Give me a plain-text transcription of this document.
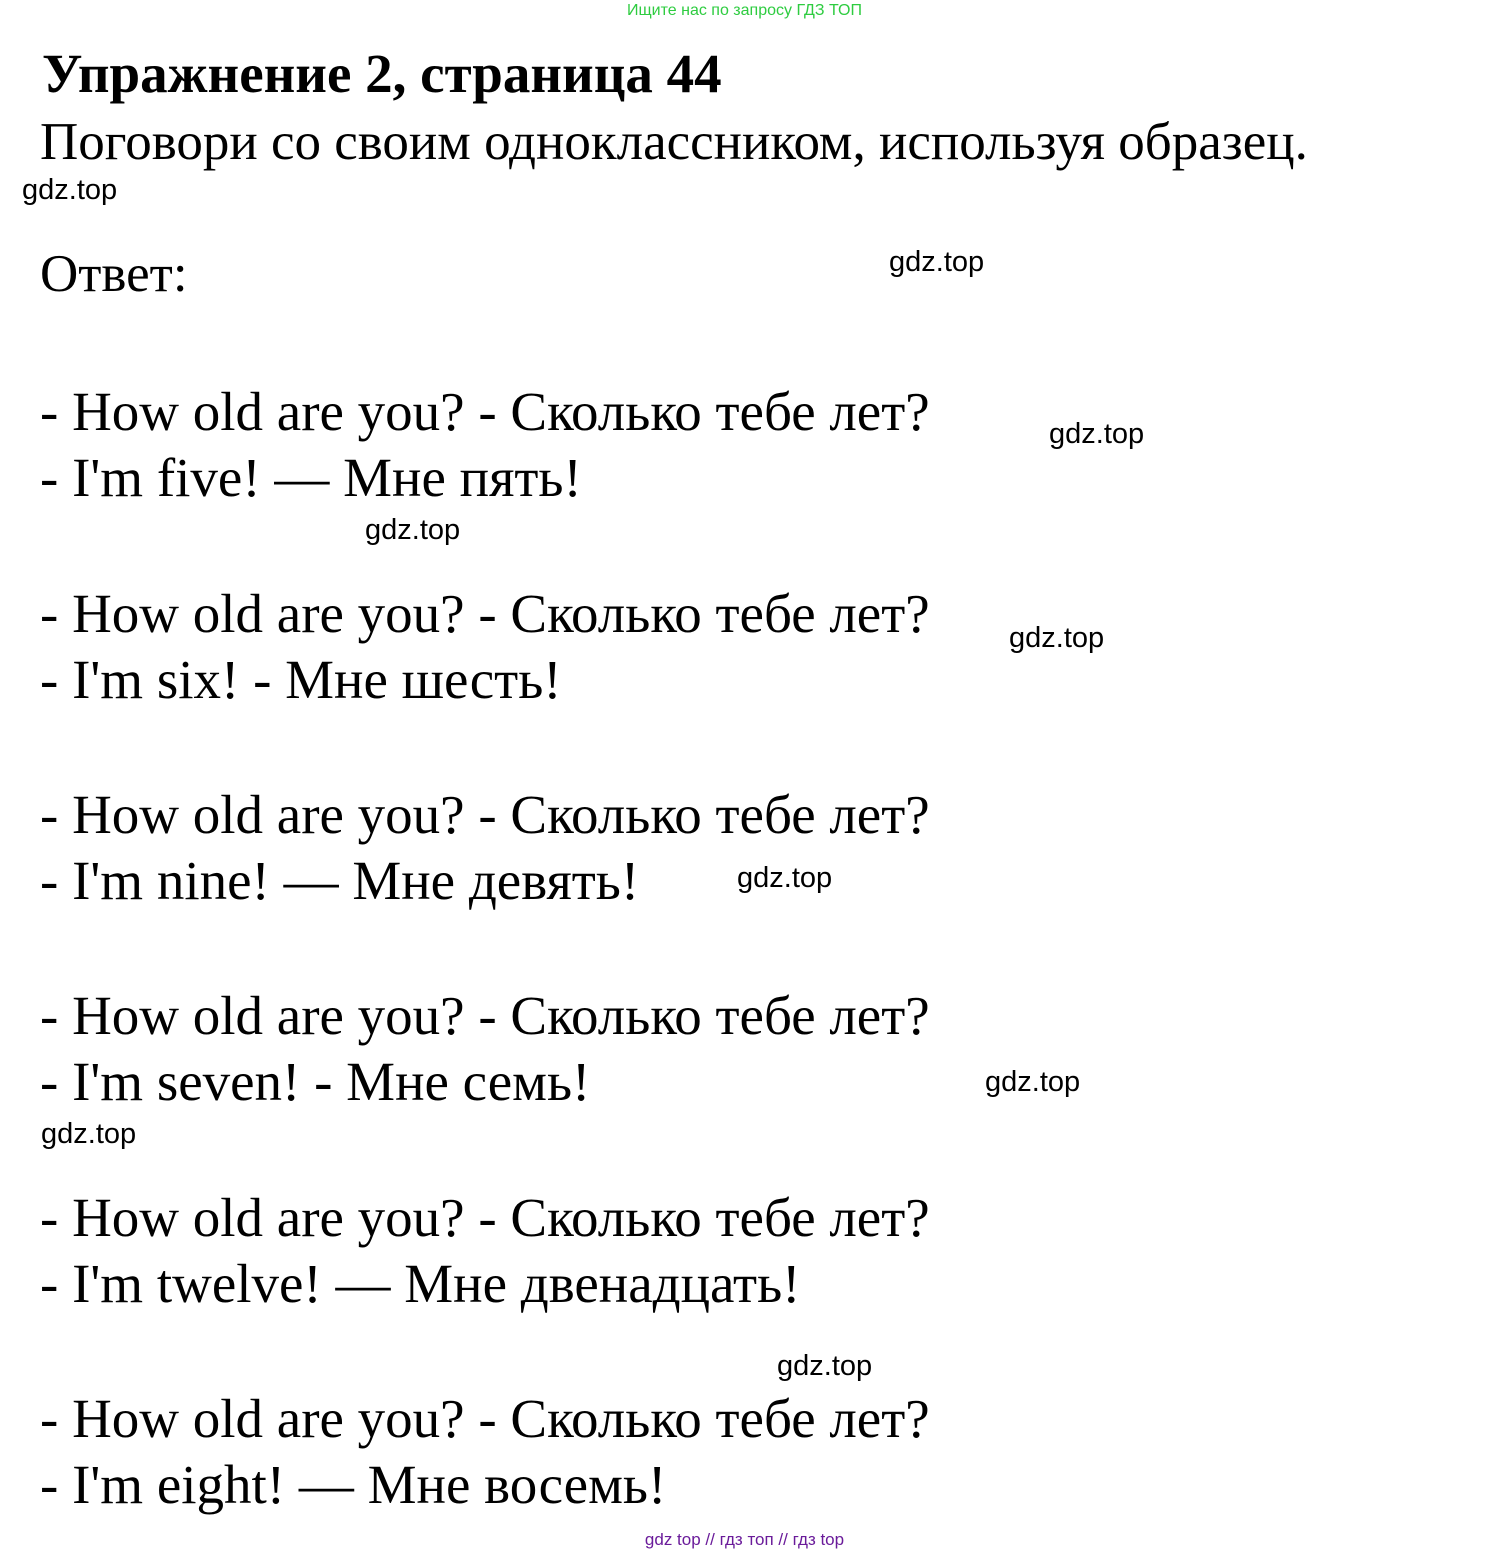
Ищите нас по запросу ГДЗ ТОП
Упражнение 2, страница 44
Поговори со своим одноклассником, используя образец.
Ответ:
- How old are you? - Сколько тебе лет?
- I'm five! — Мне пять!
- How old are you? - Сколько тебе лет?
- I'm six! - Мне шесть!
- How old are you? - Сколько тебе лет?
- I'm nine! — Мне девять!
- How old are you? - Сколько тебе лет?
- I'm seven! - Мне семь!
- How old are you? - Сколько тебе лет?
- I'm twelve! — Мне двенадцать!
- How old are you? - Сколько тебе лет?
- I'm eight! — Мне восемь!
gdz.top
gdz.top
gdz.top
gdz.top
gdz.top
gdz.top
gdz.top
gdz.top
gdz.top
gdz top // гдз топ // гдз top
